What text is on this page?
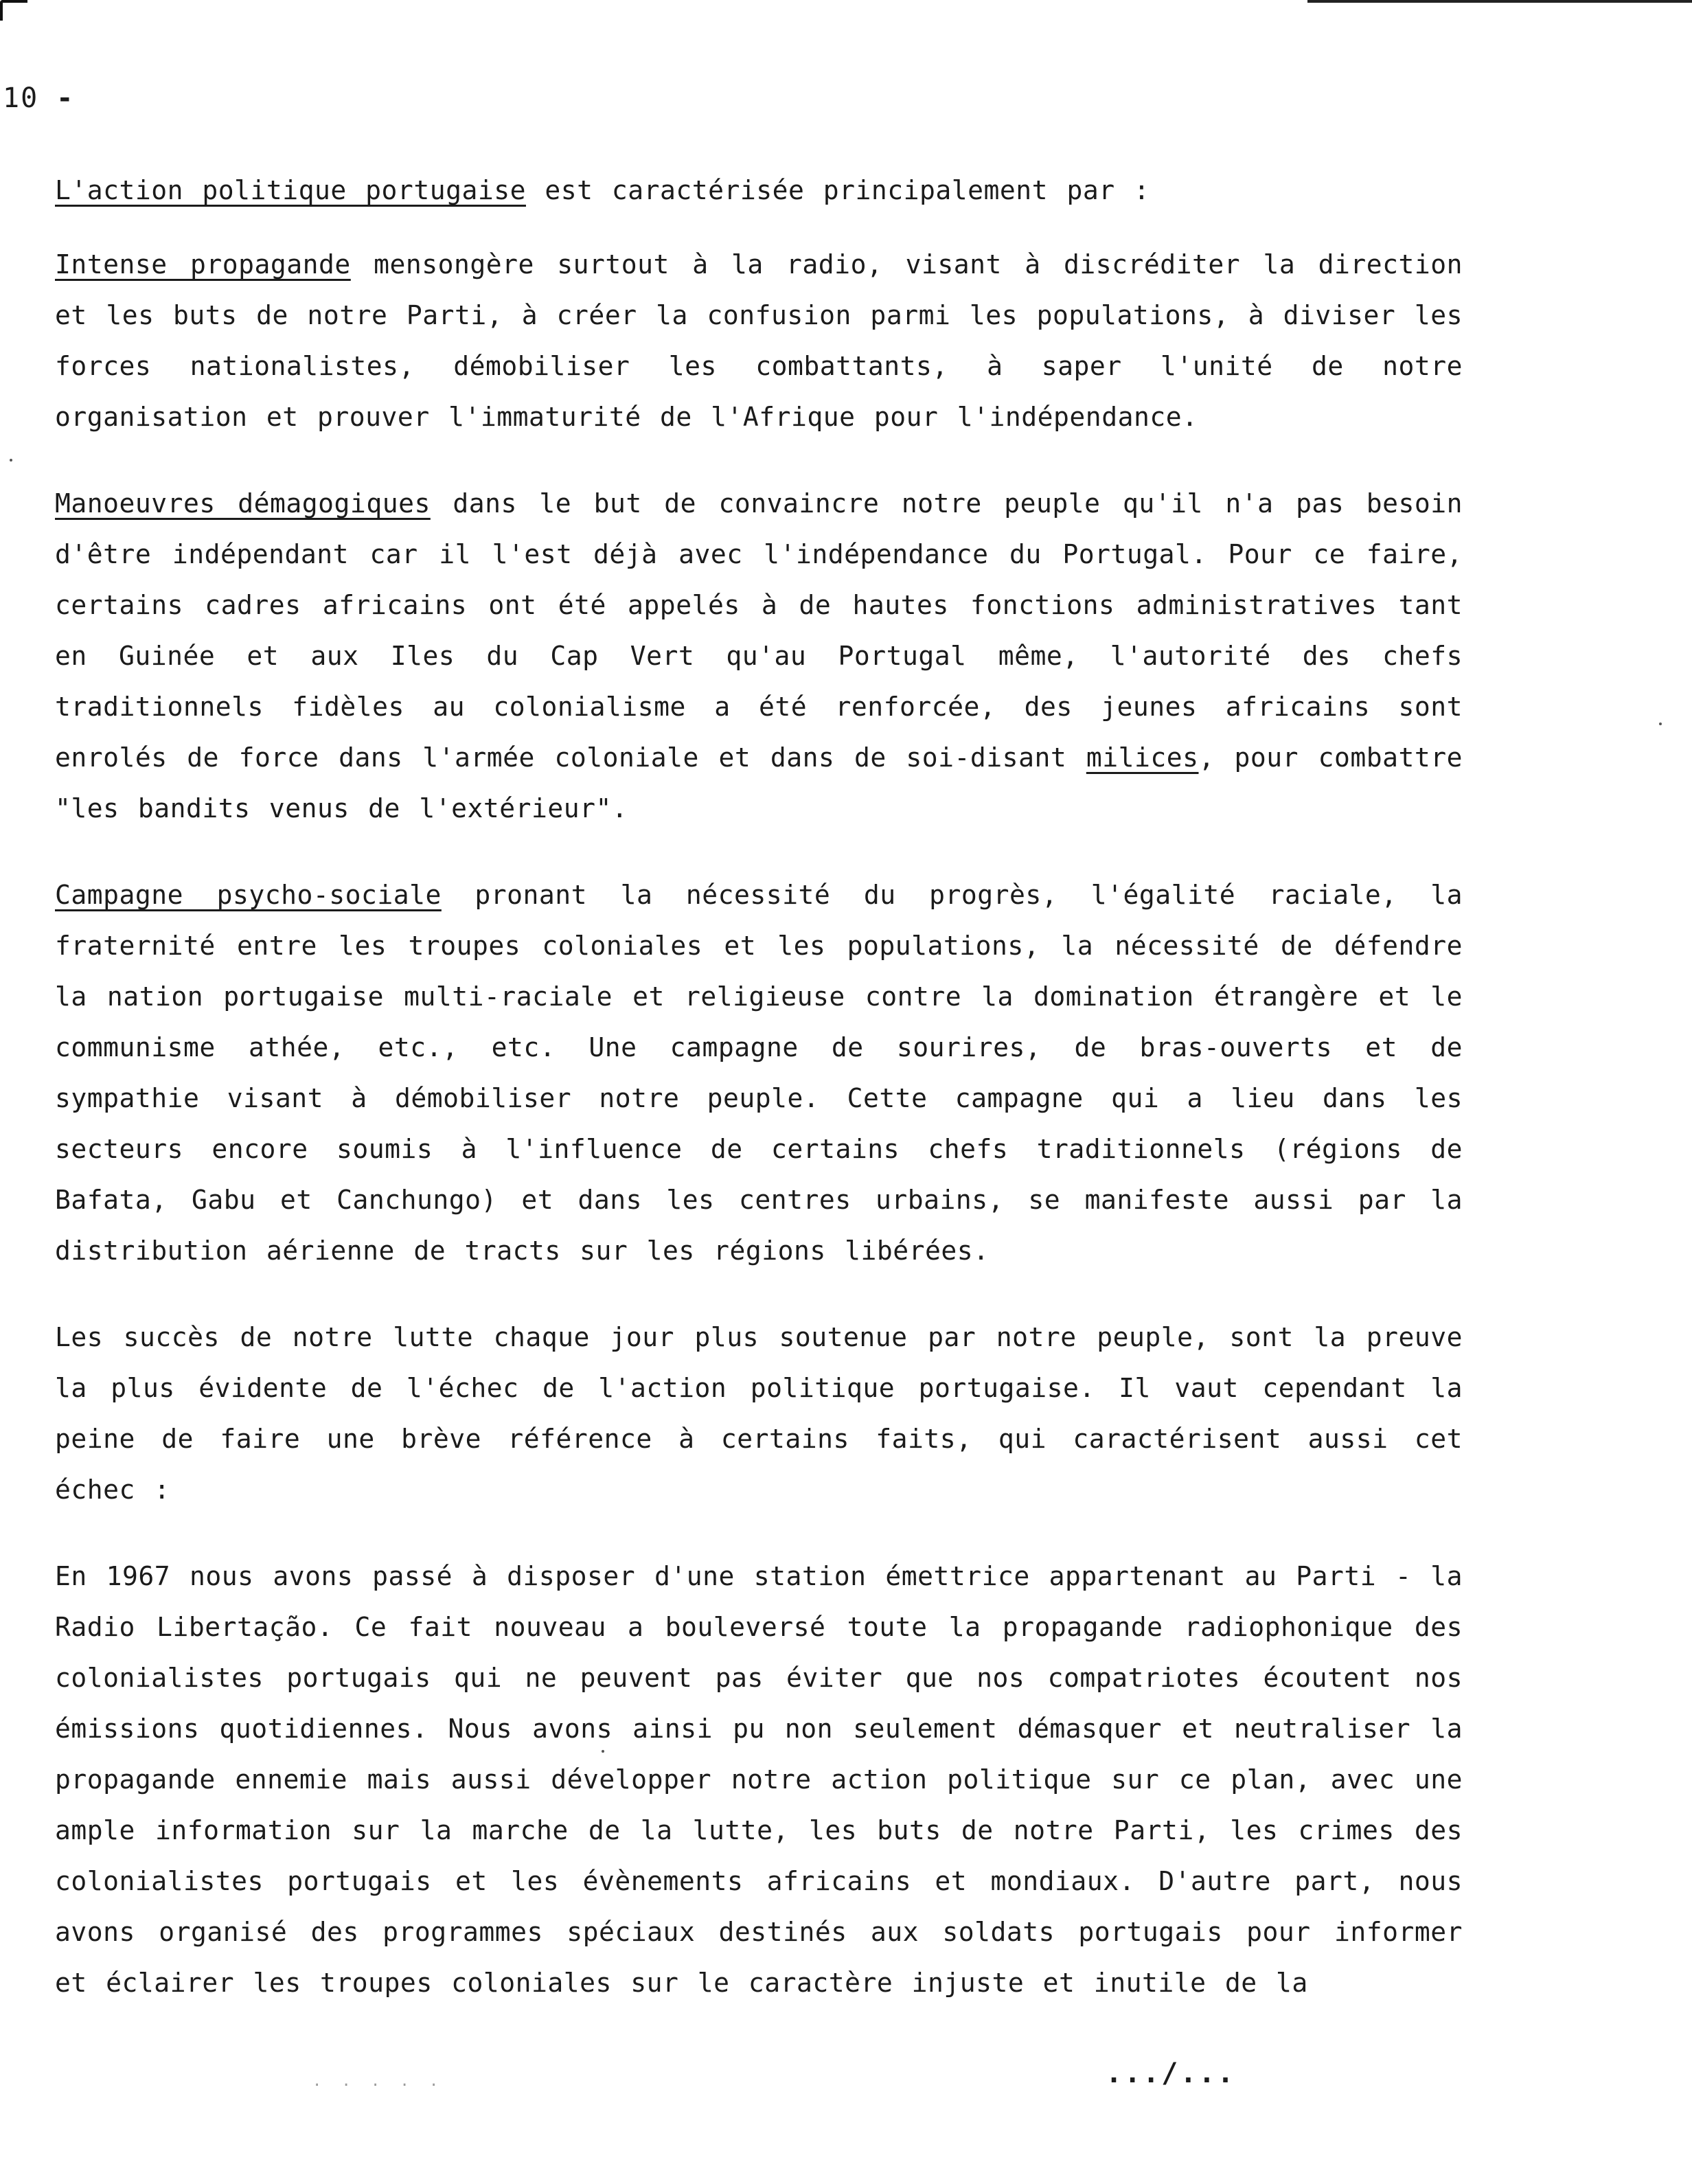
10 -

L'action politique portugaise est caractérisée principalement par :

Intense propagande mensongère surtout à la radio, visant à discréditer la direction et les buts de notre Parti, à créer la confusion parmi les populations, à diviser les forces nationalistes, démobiliser les combattants, à saper l'unité de notre organisation et prouver l'immaturité de l'Afrique pour l'indépendance.

Manoeuvres démagogiques dans le but de convaincre notre peuple qu'il n'a pas besoin d'être indépendant car il l'est déjà avec l'indépendance du Portugal. Pour ce faire, certains cadres africains ont été appelés à de hautes fonctions administratives tant en Guinée et aux Iles du Cap Vert qu'au Portugal même, l'autorité des chefs traditionnels fidèles au colonialisme a été renforcée, des jeunes africains sont enrolés de force dans l'armée coloniale et dans de soi-disant milices, pour combattre "les bandits venus de l'extérieur".

Campagne psycho-sociale pronant la nécessité du progrès, l'égalité raciale, la fraternité entre les troupes coloniales et les populations, la nécessité de défendre la nation portugaise multi-raciale et religieuse contre la domination étrangère et le communisme athée, etc., etc. Une campagne de sourires, de bras-ouverts et de sympathie visant à démobiliser notre peuple. Cette campagne qui a lieu dans les secteurs encore soumis à l'influence de certains chefs traditionnels (régions de Bafata, Gabu et Canchungo) et dans les centres urbains, se manifeste aussi par la distribution aérienne de tracts sur les régions libérées.

Les succès de notre lutte chaque jour plus soutenue par notre peuple, sont la preuve la plus évidente de l'échec de l'action politique portugaise. Il vaut cependant la peine de faire une brève référence à certains faits, qui caractérisent aussi cet échec :

En 1967 nous avons passé à disposer d'une station émettrice appartenant au Parti - la Radio Libertação. Ce fait nouveau a bouleversé toute la propagande radiophonique des colonialistes portugais qui ne peuvent pas éviter que nos compatriotes écoutent nos émissions quotidiennes. Nous avons ainsi pu non seulement démasquer et neutraliser la propagande ennemie mais aussi développer notre action politique sur ce plan, avec une ample information sur la marche de la lutte, les buts de notre Parti, les crimes des colonialistes portugais et les évènements africains et mondiaux. D'autre part, nous avons organisé des programmes spéciaux destinés aux soldats portugais pour informer et éclairer les troupes coloniales sur le caractère injuste et inutile de la

· · · · ·	.../...
